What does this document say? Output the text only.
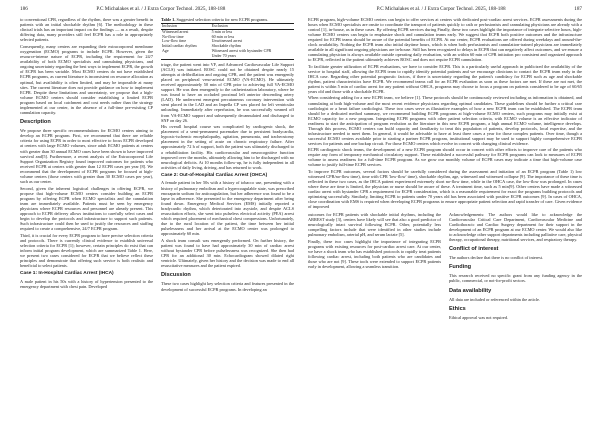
186	P.C Michalakes et al. / J Extra Corpor Technol. 2025, 188-188

to conventional CPR, regardless of the rhythm, there was a greater benefit in patients with an initial shockable rhythm [6]. The methodology in these clinical trials has an important impact on the findings — as a result, despite differing data, many providers still feel ECPR has a role in appropriately selected patients.

Consequently, many centers are expanding their extracorporeal membrane oxygenation (ECMO) programs to include ECPR. However, given the resource-intense nature of ECPR, including the requirement for 24/7 availability of both ECMO specialists and cannulating physicians, and ongoing uncertainty regarding the best ways to implement ECPR, the growth of ECPR has been variable. Most ECMO centers do not have established ECPR programs, as current literature is inconsistent on resource allocation as optimal, but availability is often limited, and may be impossible at many sites. The current literature does not provide guidance on how to implement ECPR. Despite these limitations and uncertainty, we propose that a high-volume ECMO centers should consider establishing a limited ECPR program based on local catchment and cost needs rather than the strategy implemented at our center, in the absence of a full-time pre-existing CP cannulation capacity.

Description

We propose three specific recommendations for ECMO centers aiming to develop an ECPR program. First, we recommend that there are reliable criteria for using ECPR in order to most effective to focus ECPR developed at centers with large ECMO volumes, since adult ECMO patients at centers with greater than 30 annual ECMO cases have been shown to have improved survival and[5]. Furthermore, a recent analysis of the Extracorporeal Life Support Organization Registry found improved outcomes for patients who received ECPR at centers with greater than 12 ECPR cases per year [8]. We recommend that the development of ECPR programs be focused at high-volume centers (those centers with greater than 30 ECMO cases per year), such as our center.

Second, given the inherent logistical challenges in offering ECPR, we propose that high-volume ECMO centers consider building an ECPR program by offering ECPR when ECMO specialists and the cannulation team are immediately available. Patients must be seen by emergency physicians where ECPR resources and personnel are already present. This approach to ECPR delivery allows institutions to carefully select cases and begin to develop the protocols and infrastructure to support such patients. Such infrastructure could then be used to justify the resources and staffing required to create a comprehensive, 24/7 ECPR program.

Third, it is crucial for every ECPR program to have precise selection criteria and protocols. There is currently clinical evidence to establish universal selection criteria for ECPR [1]; however, certain principles do exist that can inform initial program development, which are summarized Table 1. Here, we present two cases considered for ECPR that we believe reflect these principles and demonstrate that offering such service is both realistic and beneficial to select patients.

Case 1: In-Hospital Cardiac Arrest (IHCA)

A male patient in his 50s with a history of hypertension presented to the emergency department with chest pain. Developed

Table 1. Suggested selection criteria for new ECPR programs.
Inclusion	Exclusion
Witnessed arrest	5 min or less
No-flow time	60 min or less
Low-flow time	Unwitnessed arrest
Initial cardiac rhythm	Shockable rhythm
Age	Witnessed arrest with bystander CPR
	Under 70 years

triage, the patient went into VF, and Advanced Cardiovascular Life Support (ACLS) was initiated. ROSC could not be obtained despite nearly 15 attempts at defibrillation and ongoing CPR, and the patient was emergently placed on peripheral veno-arterial ECMO (VA-ECMO). He ultimately received approximately 50 min of CPR prior to achieving full VA-ECMO support. He was then emergently to the catheterization laboratory, where he was found to have an occluded proximal left anterior descending artery (LAD). He underwent emergent percutaneous coronary intervention with stent placed in the LAD and an Impella CP was placed for left ventricular unloading. Immediately after reperfusion, he was successfully weaned off from VA-ECMO support and subsequently decannulated and discharged to SNF on day 26.

His overall hospital course was complicated by cardiogenic shock, the placement of a semi-permanent pacemaker due to persistent bradycardia, hypoxic-ischemic encephalopathy, agitation, pneumonia, and tracheostomy placement in the setting of acute on chronic respiratory failure. After approximately 72 h of support, both the patient was ultimately discharged to a rehabilitation facility. His cardiovascular and neurocognitive function improved over the months, ultimately allowing him to be discharged with no neurological deficits. At 10 months follow-up, he is fully independent in all activities of daily living, driving, and has returned to work.

Case 2: Out-of-Hospital Cardiac Arrest (OHCA)

A female patient in her 50s with a history of tobacco use, presenting with a history of pulmonary embolism and a hypercoagulable state, was prescribed enoxaparin sodium for anticoagulation, but her adherence was found to be a lapse in adherence. She presented to the emergency department after being found down. Emergency Medical Services (EMS) initially reported a bradycardic rhythm, which deteriorated into asystole, and despite ACLS resuscitation efforts, she went into pulseless electrical activity (PEA) arrest which required placement of mechanical chest compressions. Unfortunately, due to the rural location of the patient, the time between her initial pulselessness and her arrival at the ECMO center was prolonged to approximately 60 min.

A shock team consult was emergently performed. On further history, the patient was found to have had approximately 30 min of cardiac arrest without bystander CPR before pulselessness was recognized. She then had CPR for an additional 30 min. Echocardiogram showed dilated right ventricle. Ultimately, given her history and the decision was made to end all resuscitative measures and the patient expired.

Discussion

These two cases highlight key selection criteria and features presented in the development of successful ECPR programs. In developing an

P.C Michalakes et al. / J Extra Corpor Technol. 2025, 188-188	187

ECPR program, high-volume ECMO centers can begin to offer services at centers with dedicated post-cardiac arrest services. ECPR assessments during the hours when ECMO specialists are onsite to coordinate the transport of patients quickly to cath or perfusionists and cannulating physicians are already with a control [1], in-house, as in these cases. By offering ECPR services during Finally, these two cases highlight the importance of integrate selective hours, high-volume ECMO centers can begin to emphasize shock and cannulation teams early. We suggest that ECPR both positive outcomes and the infrastructure required for ECPR teams should be aware of the potential benefits of ECPR. At our center, ECPR evaluations are offered during weekdays and around-the-clock availability. Nothing the ECPR team also initial daytime hours, which is when both perfusionists and cannulation-trained physicians are immediately available in all significant ongoing physicians are in-house. Still has been recognized to delays in ECPR that can negatively affect outcomes, and we ensure a cannulating physician is always available outside operating daily evaluation, with an within 60 min of CPR initiation pro consistent and organized approach to ECPR, reflected in the patient ultimately achieves ROSC and does not require ECPR cannulation.

To facilitate greater utilization of ECPR evaluations, we have to consider ECPR. This is a particularly useful approach in publicized the availability of the service to hospital staff, allowing the ECPR team to rapidly identify potential patients and we encourage clinicians to contact the ECPR team early in the IHCA case. Regarding other potential prognostic factors, if there is uncertainty regarding the patient's candidacy for ECPR such as age and shockable rhythm, patient characteristics have ECPR. We recommend teams call for an ECPR evaluation as soon as these factors are met. If these are not met, the patient is within 5 min of cardiac arrest for any patient without OHCA, programs may choose to focus a program on patients considered to be age of 60/65 years old and those with a shockable ECPR.

When considering adding for a new ECPR team, we believe [1]. These protocols should be continuously reviewed including as information is obtained, and cannulating at both high-volume and the most recent evidence physicians regarding optimal candidates. These guidelines should be further a critical care cardiologist or a heart failure cardiologist. These two cases serve as illustrative examples of how a new ECPR team can be established. The ECPR team should be a dedicated method summary, we recommend building ECPR programs at high-volume ECMO centers, such programs may initially exist at ECMO capacity for a new program. Integrating ECPR programs with other patient selection criteria, with ECMO volume is an effective indicator of readiness to start the anticipation of program evolution as the literature in this new ECPR program, a high annual ECMO volume, intelligence develops. Through this process, ECMO centers can build capacity and familiarity to treat this population of patients, develop protocols, local expertise, and the infrastructure needed to meet them. In general, it would be advisable to have at least three cases a year for those complex patients. Over time, though a successful ECMO centers available prior to starting a partner ECPR program, institutional support may be used to support highly comprehensive ECPR services for patients and one backup circuit. For those ECMO centers which evolve in concert with changing clinical evidence.

ECPR cardiogenic shock teams, the development of a new ECPR program should occur in concert with other efforts to improve care of the patients who require any form of temporary mechanical circulatory support. These established a successful pathway for ECPR programs can look to measures of ECPR volume to assess readiness for a full-time ECPR program. As we grow our monthly volume of ECPR cases may indicate a time that high-volume case volume to justify full-time ECPR services.

To improve ECPR outcomes, several factors should be carefully considered during the assessment and initiation of an ECPR program (Table 1) low witnessed CPR/no-flow time), time with CPR 'low-flow' time), shockable rhythm, age, witnessed and witnessed collapse [9]. The importance of these time is reflected in these two cases, as the IHCA patient experienced extremely short no-flow time, while in the OHCA case, the low-flow was prolonged. In cases where these are time is limited, the physician or nurse should be aware of these. A treatment time, such as 5 min[9]. Other centers have made a witnessed cardiac arrest with bystander CPR a requirement for ECPR consideration, which is a reasonable requirement for exact the programs building protocols and optimizing successfully. Similarly, limiting ECPR to patients under 70 years old has been associated with positive ECPR outcomes [9]. In cases of OHCA, close coordination with EMS is required when developing ECPR programs to ensure appropriate patient selection and rapid transfer of care. Given evidence of improved

outcomes for ECPR patients with shockable initial rhythms, including the ARREST study [3], centers have likely will see that also a good predictor of neurologically intact survival following ECPR. Other, potentially less compelling factors include that were identified in other studies include pulmonary embolism, arterial pH, and serum lactate [5].

Finally, these two cases highlight the importance of integrating ECPR programs with existing resources for post-cardiac arrest care. At our center, we have a shock team who has established protocols to rapidly treat patients following cardiac arrest, including both patients who are candidates and those who are not [9]. These tools were extended to support ECPR patients early in development, allowing a seamless transition.

Acknowledgements: The authors would like to acknowledge the Cardiovascular Critical Care Department, Cardiovascular Medicine and Cardiothoracic and Cardiac Surgery department for their support in the development of an ECPR program at our ECMO center. We would also like to acknowledge other support departments including palliative care, physical therapy, occupational therapy, nutritional services, and respiratory therapy.

Conflict of interest

The authors declare that there is no conflict of interest.

Funding

This research received no specific grant from any funding agency in the public, commercial, or not-for-profit sectors.

Data availability

All data are included or referenced within the article.

Ethics

Ethical approval was not required.
